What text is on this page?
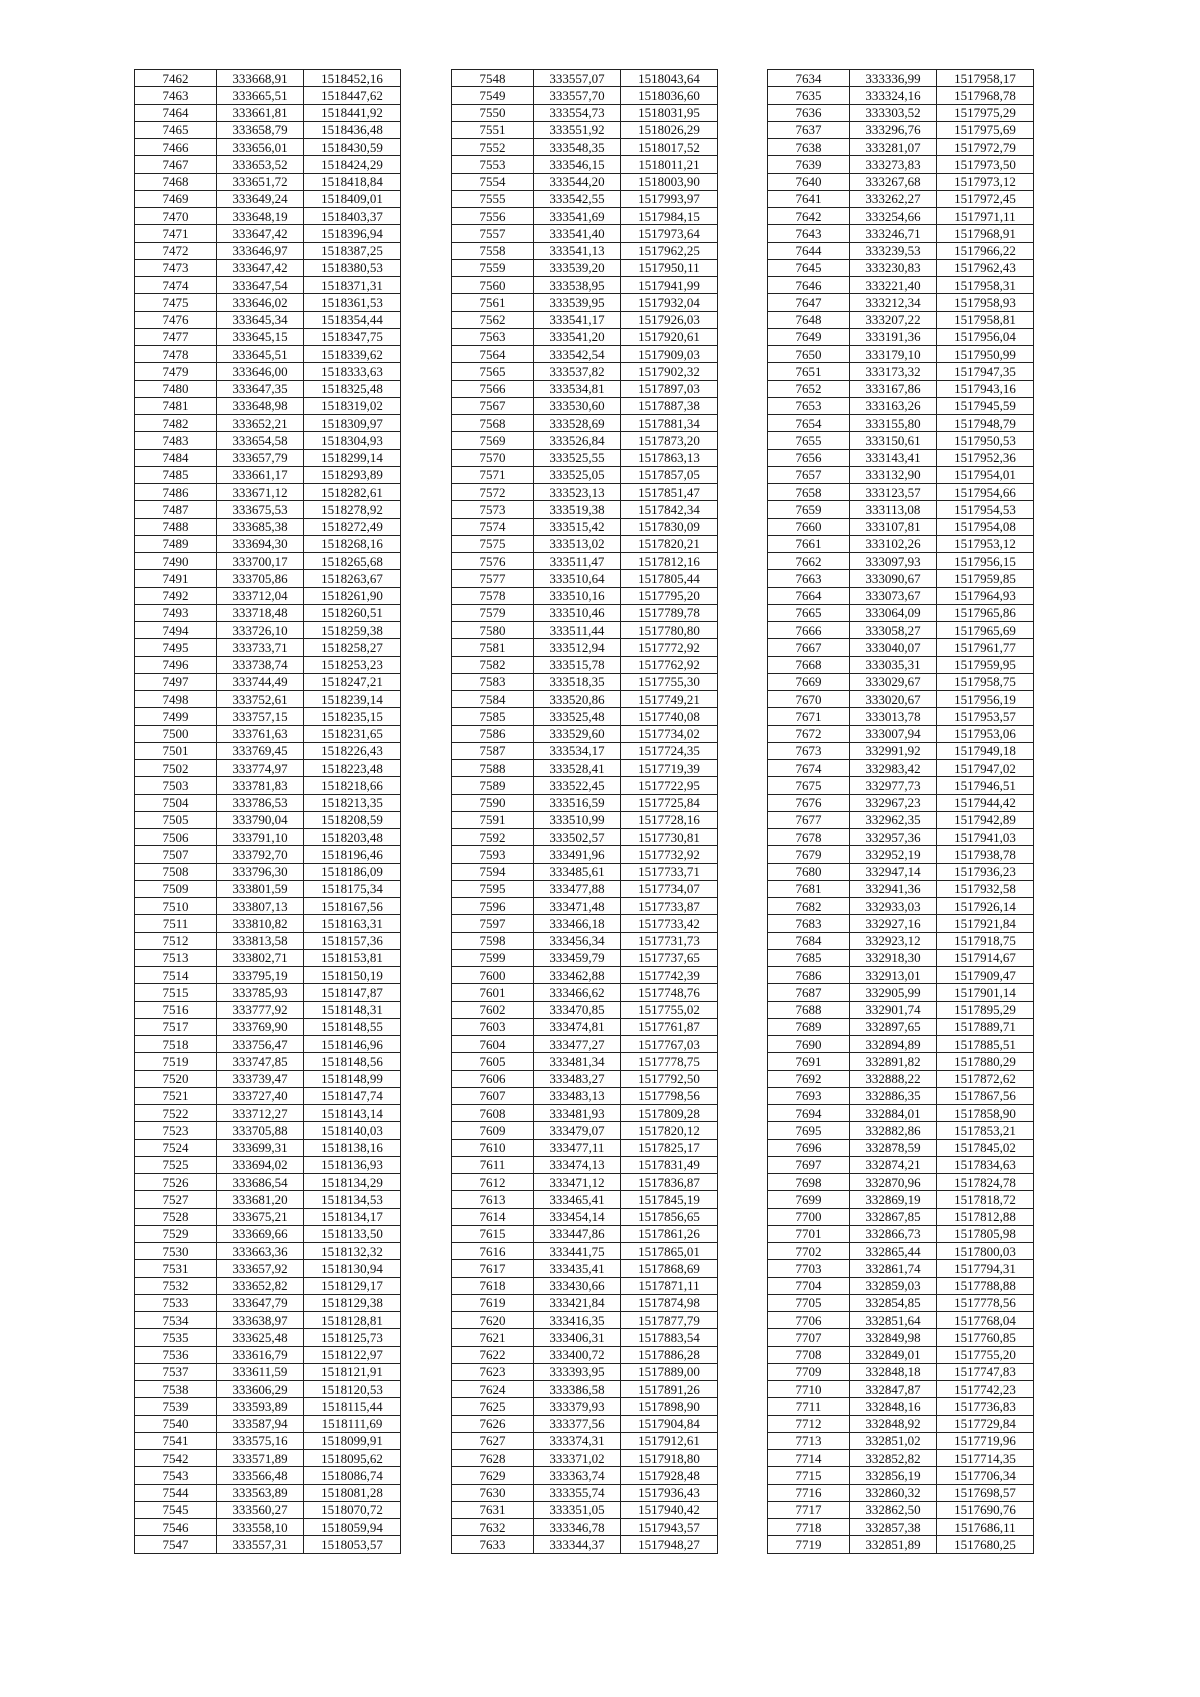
7462	333668,91	1518452,16
7463	333665,51	1518447,62
7464	333661,81	1518441,92
7465	333658,79	1518436,48
7466	333656,01	1518430,59
7467	333653,52	1518424,29
7468	333651,72	1518418,84
7469	333649,24	1518409,01
7470	333648,19	1518403,37
7471	333647,42	1518396,94
7472	333646,97	1518387,25
7473	333647,42	1518380,53
7474	333647,54	1518371,31
7475	333646,02	1518361,53
7476	333645,34	1518354,44
7477	333645,15	1518347,75
7478	333645,51	1518339,62
7479	333646,00	1518333,63
7480	333647,35	1518325,48
7481	333648,98	1518319,02
7482	333652,21	1518309,97
7483	333654,58	1518304,93
7484	333657,79	1518299,14
7485	333661,17	1518293,89
7486	333671,12	1518282,61
7487	333675,53	1518278,92
7488	333685,38	1518272,49
7489	333694,30	1518268,16
7490	333700,17	1518265,68
7491	333705,86	1518263,67
7492	333712,04	1518261,90
7493	333718,48	1518260,51
7494	333726,10	1518259,38
7495	333733,71	1518258,27
7496	333738,74	1518253,23
7497	333744,49	1518247,21
7498	333752,61	1518239,14
7499	333757,15	1518235,15
7500	333761,63	1518231,65
7501	333769,45	1518226,43
7502	333774,97	1518223,48
7503	333781,83	1518218,66
7504	333786,53	1518213,35
7505	333790,04	1518208,59
7506	333791,10	1518203,48
7507	333792,70	1518196,46
7508	333796,30	1518186,09
7509	333801,59	1518175,34
7510	333807,13	1518167,56
7511	333810,82	1518163,31
7512	333813,58	1518157,36
7513	333802,71	1518153,81
7514	333795,19	1518150,19
7515	333785,93	1518147,87
7516	333777,92	1518148,31
7517	333769,90	1518148,55
7518	333756,47	1518146,96
7519	333747,85	1518148,56
7520	333739,47	1518148,99
7521	333727,40	1518147,74
7522	333712,27	1518143,14
7523	333705,88	1518140,03
7524	333699,31	1518138,16
7525	333694,02	1518136,93
7526	333686,54	1518134,29
7527	333681,20	1518134,53
7528	333675,21	1518134,17
7529	333669,66	1518133,50
7530	333663,36	1518132,32
7531	333657,92	1518130,94
7532	333652,82	1518129,17
7533	333647,79	1518129,38
7534	333638,97	1518128,81
7535	333625,48	1518125,73
7536	333616,79	1518122,97
7537	333611,59	1518121,91
7538	333606,29	1518120,53
7539	333593,89	1518115,44
7540	333587,94	1518111,69
7541	333575,16	1518099,91
7542	333571,89	1518095,62
7543	333566,48	1518086,74
7544	333563,89	1518081,28
7545	333560,27	1518070,72
7546	333558,10	1518059,94
7547	333557,31	1518053,57
7548	333557,07	1518043,64
7549	333557,70	1518036,60
7550	333554,73	1518031,95
7551	333551,92	1518026,29
7552	333548,35	1518017,52
7553	333546,15	1518011,21
7554	333544,20	1518003,90
7555	333542,55	1517993,97
7556	333541,69	1517984,15
7557	333541,40	1517973,64
7558	333541,13	1517962,25
7559	333539,20	1517950,11
7560	333538,95	1517941,99
7561	333539,95	1517932,04
7562	333541,17	1517926,03
7563	333541,20	1517920,61
7564	333542,54	1517909,03
7565	333537,82	1517902,32
7566	333534,81	1517897,03
7567	333530,60	1517887,38
7568	333528,69	1517881,34
7569	333526,84	1517873,20
7570	333525,55	1517863,13
7571	333525,05	1517857,05
7572	333523,13	1517851,47
7573	333519,38	1517842,34
7574	333515,42	1517830,09
7575	333513,02	1517820,21
7576	333511,47	1517812,16
7577	333510,64	1517805,44
7578	333510,16	1517795,20
7579	333510,46	1517789,78
7580	333511,44	1517780,80
7581	333512,94	1517772,92
7582	333515,78	1517762,92
7583	333518,35	1517755,30
7584	333520,86	1517749,21
7585	333525,48	1517740,08
7586	333529,60	1517734,02
7587	333534,17	1517724,35
7588	333528,41	1517719,39
7589	333522,45	1517722,95
7590	333516,59	1517725,84
7591	333510,99	1517728,16
7592	333502,57	1517730,81
7593	333491,96	1517732,92
7594	333485,61	1517733,71
7595	333477,88	1517734,07
7596	333471,48	1517733,87
7597	333466,18	1517733,42
7598	333456,34	1517731,73
7599	333459,79	1517737,65
7600	333462,88	1517742,39
7601	333466,62	1517748,76
7602	333470,85	1517755,02
7603	333474,81	1517761,87
7604	333477,27	1517767,03
7605	333481,34	1517778,75
7606	333483,27	1517792,50
7607	333483,13	1517798,56
7608	333481,93	1517809,28
7609	333479,07	1517820,12
7610	333477,11	1517825,17
7611	333474,13	1517831,49
7612	333471,12	1517836,87
7613	333465,41	1517845,19
7614	333454,14	1517856,65
7615	333447,86	1517861,26
7616	333441,75	1517865,01
7617	333435,41	1517868,69
7618	333430,66	1517871,11
7619	333421,84	1517874,98
7620	333416,35	1517877,79
7621	333406,31	1517883,54
7622	333400,72	1517886,28
7623	333393,95	1517889,00
7624	333386,58	1517891,26
7625	333379,93	1517898,90
7626	333377,56	1517904,84
7627	333374,31	1517912,61
7628	333371,02	1517918,80
7629	333363,74	1517928,48
7630	333355,74	1517936,43
7631	333351,05	1517940,42
7632	333346,78	1517943,57
7633	333344,37	1517948,27
7634	333336,99	1517958,17
7635	333324,16	1517968,78
7636	333303,52	1517975,29
7637	333296,76	1517975,69
7638	333281,07	1517972,79
7639	333273,83	1517973,50
7640	333267,68	1517973,12
7641	333262,27	1517972,45
7642	333254,66	1517971,11
7643	333246,71	1517968,91
7644	333239,53	1517966,22
7645	333230,83	1517962,43
7646	333221,40	1517958,31
7647	333212,34	1517958,93
7648	333207,22	1517958,81
7649	333191,36	1517956,04
7650	333179,10	1517950,99
7651	333173,32	1517947,35
7652	333167,86	1517943,16
7653	333163,26	1517945,59
7654	333155,80	1517948,79
7655	333150,61	1517950,53
7656	333143,41	1517952,36
7657	333132,90	1517954,01
7658	333123,57	1517954,66
7659	333113,08	1517954,53
7660	333107,81	1517954,08
7661	333102,26	1517953,12
7662	333097,93	1517956,15
7663	333090,67	1517959,85
7664	333073,67	1517964,93
7665	333064,09	1517965,86
7666	333058,27	1517965,69
7667	333040,07	1517961,77
7668	333035,31	1517959,95
7669	333029,67	1517958,75
7670	333020,67	1517956,19
7671	333013,78	1517953,57
7672	333007,94	1517953,06
7673	332991,92	1517949,18
7674	332983,42	1517947,02
7675	332977,73	1517946,51
7676	332967,23	1517944,42
7677	332962,35	1517942,89
7678	332957,36	1517941,03
7679	332952,19	1517938,78
7680	332947,14	1517936,23
7681	332941,36	1517932,58
7682	332933,03	1517926,14
7683	332927,16	1517921,84
7684	332923,12	1517918,75
7685	332918,30	1517914,67
7686	332913,01	1517909,47
7687	332905,99	1517901,14
7688	332901,74	1517895,29
7689	332897,65	1517889,71
7690	332894,89	1517885,51
7691	332891,82	1517880,29
7692	332888,22	1517872,62
7693	332886,35	1517867,56
7694	332884,01	1517858,90
7695	332882,86	1517853,21
7696	332878,59	1517845,02
7697	332874,21	1517834,63
7698	332870,96	1517824,78
7699	332869,19	1517818,72
7700	332867,85	1517812,88
7701	332866,73	1517805,98
7702	332865,44	1517800,03
7703	332861,74	1517794,31
7704	332859,03	1517788,88
7705	332854,85	1517778,56
7706	332851,64	1517768,04
7707	332849,98	1517760,85
7708	332849,01	1517755,20
7709	332848,18	1517747,83
7710	332847,87	1517742,23
7711	332848,16	1517736,83
7712	332848,92	1517729,84
7713	332851,02	1517719,96
7714	332852,82	1517714,35
7715	332856,19	1517706,34
7716	332860,32	1517698,57
7717	332862,50	1517690,76
7718	332857,38	1517686,11
7719	332851,89	1517680,25
